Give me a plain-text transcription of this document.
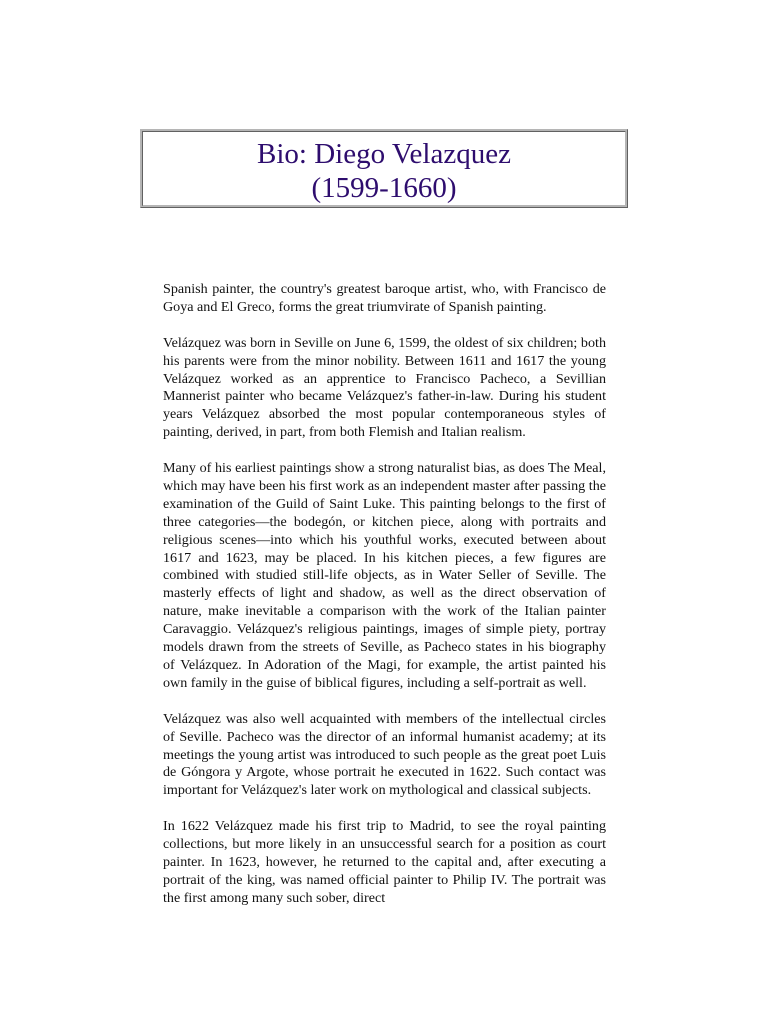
Bio: Diego Velazquez
(1599-1660)

Spanish painter, the country's greatest baroque artist, who, with Francisco de Goya and El Greco, forms the great triumvirate of Spanish painting.

Velázquez was born in Seville on June 6, 1599, the oldest of six children; both his parents were from the minor nobility. Between 1611 and 1617 the young Velázquez worked as an apprentice to Francisco Pacheco, a Sevillian Mannerist painter who became Velázquez's father-in-law. During his student years Velázquez absorbed the most popular contemporaneous styles of painting, derived, in part, from both Flemish and Italian realism.

Many of his earliest paintings show a strong naturalist bias, as does The Meal, which may have been his first work as an independent master after passing the examination of the Guild of Saint Luke. This painting belongs to the first of three categories—the bodegón, or kitchen piece, along with portraits and religious scenes—into which his youthful works, executed between about 1617 and 1623, may be placed. In his kitchen pieces, a few figures are combined with studied still-life objects, as in Water Seller of Seville. The masterly effects of light and shadow, as well as the direct observation of nature, make inevitable a comparison with the work of the Italian painter Caravaggio. Velázquez's religious paintings, images of simple piety, portray models drawn from the streets of Seville, as Pacheco states in his biography of Velázquez. In Adoration of the Magi, for example, the artist painted his own family in the guise of biblical figures, including a self-portrait as well.

Velázquez was also well acquainted with members of the intellectual circles of Seville. Pacheco was the director of an informal humanist academy; at its meetings the young artist was introduced to such people as the great poet Luis de Góngora y Argote, whose portrait he executed in 1622. Such contact was important for Velázquez's later work on mythological and classical subjects.

In 1622 Velázquez made his first trip to Madrid, to see the royal painting collections, but more likely in an unsuccessful search for a position as court painter. In 1623, however, he returned to the capital and, after executing a portrait of the king, was named official painter to Philip IV. The portrait was the first among many such sober, direct
